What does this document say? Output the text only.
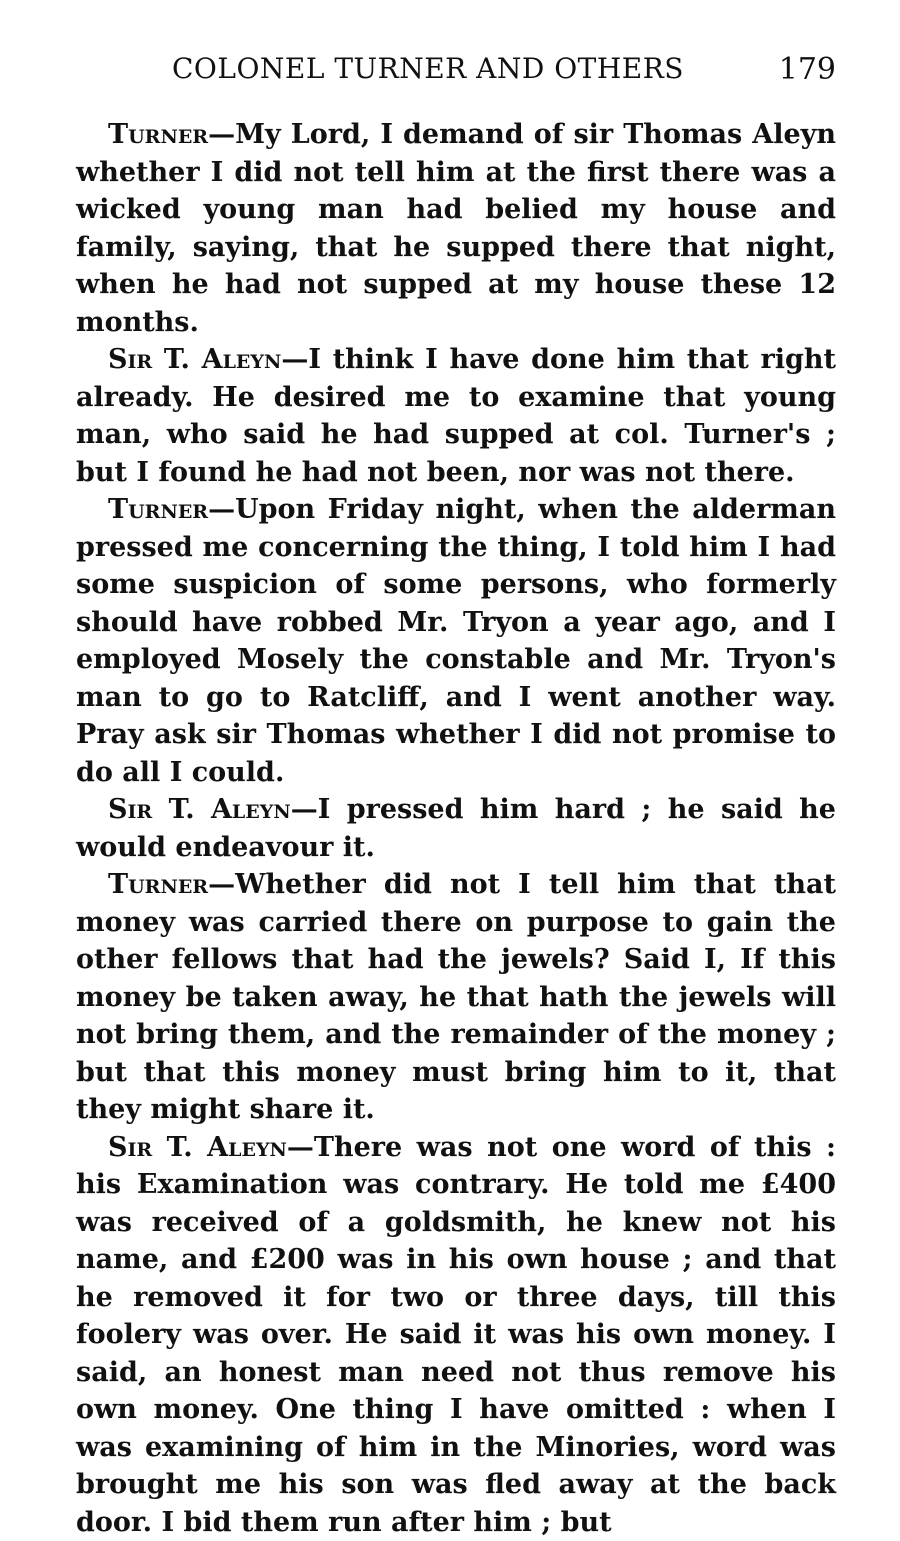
COLONEL TURNER AND OTHERS	179

Turner—My Lord, I demand of sir Thomas Aleyn whether I did not tell him at the first there was a wicked young man had belied my house and family, saying, that he supped there that night, when he had not supped at my house these 12 months.

Sir T. Aleyn—I think I have done him that right already. He desired me to examine that young man, who said he had supped at col. Turner's ; but I found he had not been, nor was not there.

Turner—Upon Friday night, when the alderman pressed me concerning the thing, I told him I had some suspicion of some persons, who formerly should have robbed Mr. Tryon a year ago, and I employed Mosely the constable and Mr. Tryon's man to go to Ratcliff, and I went another way. Pray ask sir Thomas whether I did not promise to do all I could.

Sir T. Aleyn—I pressed him hard ; he said he would endeavour it.

Turner—Whether did not I tell him that that money was carried there on purpose to gain the other fellows that had the jewels? Said I, If this money be taken away, he that hath the jewels will not bring them, and the remainder of the money ; but that this money must bring him to it, that they might share it.

Sir T. Aleyn—There was not one word of this : his Examination was contrary. He told me £400 was received of a goldsmith, he knew not his name, and £200 was in his own house ; and that he removed it for two or three days, till this foolery was over. He said it was his own money. I said, an honest man need not thus remove his own money. One thing I have omitted : when I was examining of him in the Minories, word was brought me his son was fled away at the back door. I bid them run after him ; but
